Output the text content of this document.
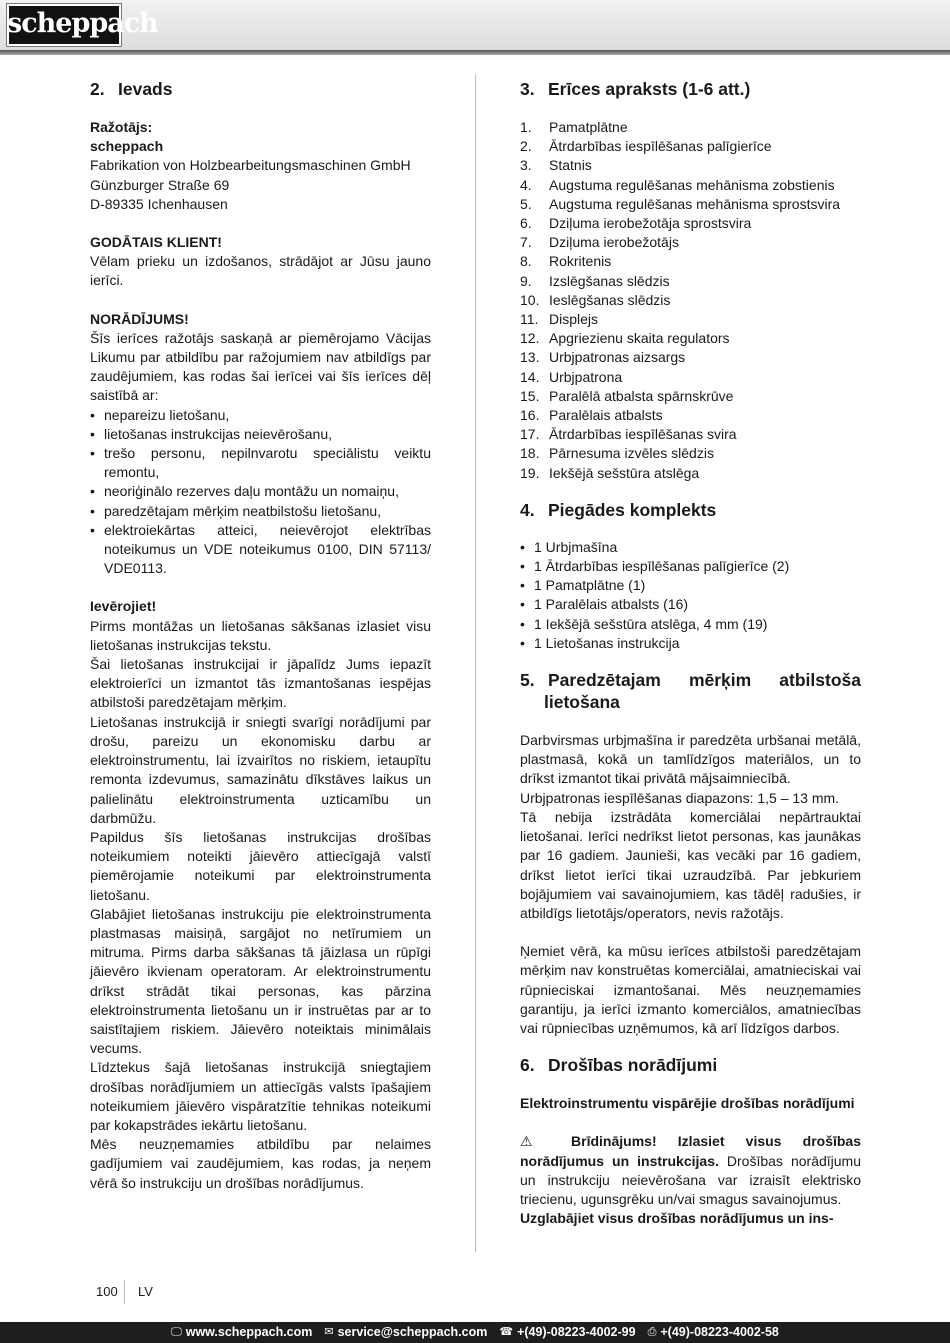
scheppach
2. Ievads
Ražotājs:
scheppach
Fabrikation von Holzbearbeitungsmaschinen GmbH
Günzburger Straße 69
D-89335 Ichenhausen
GODĀTAIS KLIENT!
Vēlam prieku un izdošanos, strādājot ar Jūsu jauno ierīci.
NORĀDĪJUMS!
Šīs ierīces ražotājs saskaņā ar piemērojamo Vācijas Likumu par atbildību par ražojumiem nav atbildīgs par zaudējumiem, kas rodas šai ierīcei vai šīs ierīces dēļ saistībā ar:
• nepareizu lietošanu,
• lietošanas instrukcijas neievērošanu,
• trešo personu, nepilnvarotu speciālistu veiktu remontu,
• neoriģinālo rezerves daļu montāžu un nomaiņu,
• paredzētajam mērķim neatbilstošu lietošanu,
• elektroiekārtas atteici, neievērojot elektrības noteikumus un VDE noteikumus 0100, DIN 57113/ VDE0113.
Ievērojiet!
Pirms montāžas un lietošanas sākšanas izlasiet visu lietošanas instrukcijas tekstu.
Šai lietošanas instrukcijai ir jāpalīdz Jums iepazīt elektroierīci un izmantot tās izmantošanas iespējas atbilstoši paredzētajam mērķim.
Lietošanas instrukcijā ir sniegti svarīgi norādījumi par drošu, pareizu un ekonomisku darbu ar elektroinstrumentu, lai izvairītos no riskiem, ietaupītu remonta izdevumus, samazinātu dīkstāves laikus un palielinātu elektroinstrumenta uzticamību un darbmūžu.
Papildus šīs lietošanas instrukcijas drošības noteikumiem noteikti jāievēro attiecīgajā valstī piemērojamie noteikumi par elektroinstrumenta lietošanu.
Glabājiet lietošanas instrukciju pie elektroinstrumenta plastmasas maisiņā, sargājot no netīrumiem un mitruma. Pirms darba sākšanas tā jāizlasa un rūpīgi jāievēro ikvienam operatoram. Ar elektroinstrumentu drīkst strādāt tikai personas, kas pārzina elektroinstrumenta lietošanu un ir instruētas par ar to saistītajiem riskiem. Jāievēro noteiktais minimālais vecums.
Līdztekus šajā lietošanas instrukcijā sniegtajiem drošības norādījumiem un attiecīgās valsts īpašajiem noteikumiem jāievēro vispāratzītie tehnikas noteikumi par kokapstrādes iekārtu lietošanu.
Mēs neuzņemamies atbildību par nelaimes gadījumiem vai zaudējumiem, kas rodas, ja neņem vērā šo instrukciju un drošības norādījumus.
3. Erīces apraksts (1-6 att.)
1.	Pamatplātne
2.	Ātrdarbības iespīlēšanas palīgierīce
3.	Statnis
4.	Augstuma regulēšanas mehānisma zobstienis
5.	Augstuma regulēšanas mehānisma sprostsvira
6.	Dziļuma ierobežotāja sprostsvira
7.	Dziļuma ierobežotājs
8.	Rokritenis
9.	Izslēgšanas slēdzis
10. Ieslēgšanas slēdzis
11. Displejs
12. Apgriezienu skaita regulators
13. Urbjpatronas aizsargs
14. Urbjpatrona
15. Paralēlā atbalsta spārnskrūve
16. Paralēlais atbalsts
17. Ātrdarbības iespīlēšanas svira
18. Pārnesuma izvēles slēdzis
19. Iekšējā sešstūra atslēga
4. Piegādes komplekts
• 1 Urbjmašīna
• 1 Ātrdarbības iespīlēšanas palīgierīce (2)
• 1 Pamatplātne (1)
• 1 Paralēlais atbalsts (16)
• 1 Iekšējā sešstūra atslēga, 4 mm (19)
• 1 Lietošanas instrukcija
5. Paredzētajam mērķim atbilstoša
lietošana
Darbvirsmas urbjmašīna ir paredzēta urbšanai metālā, plastmasā, kokā un tamlīdzīgos materiālos, un to drīkst izmantot tikai privātā mājsaimniecībā.
Urbjpatronas iespīlēšanas diapazons: 1,5 – 13 mm.
Tā nebija izstrādāta komerciālai nepārtrauktai lietošanai. Ierīci nedrīkst lietot personas, kas jaunākas par 16 gadiem. Jaunieši, kas vecāki par 16 gadiem, drīkst lietot ierīci tikai uzraudzībā. Par jebkuriem bojājumiem vai savainojumiem, kas tādēļ radušies, ir atbildīgs lietotājs/operators, nevis ražotājs.
Ņemiet vērā, ka mūsu ierīces atbilstoši paredzētajam mērķim nav konstruētas komerciālai, amatnieciskai vai rūpnieciskai izmantošanai. Mēs neuzņemamies garantiju, ja ierīci izmanto komerciālos, amatniecības vai rūpniecības uzņēmumos, kā arī līdzīgos darbos.
6. Drošības norādījumi
Elektroinstrumentu vispārējie drošības norādījumi
⚠ Brīdinājums! Izlasiet visus drošības norādījumus un instrukcijas. Drošības norādījumu un instrukciju neievērošana var izraisīt elektrisko triecienu, ugunsgrēku un/vai smagus savainojumus.
Uzglabājiet visus drošības norādījumus un ins-
100 LV
🖵 www.scheppach.com ✉ service@scheppach.com ☎ +(49)-08223-4002-99 ⎙ +(49)-08223-4002-58
